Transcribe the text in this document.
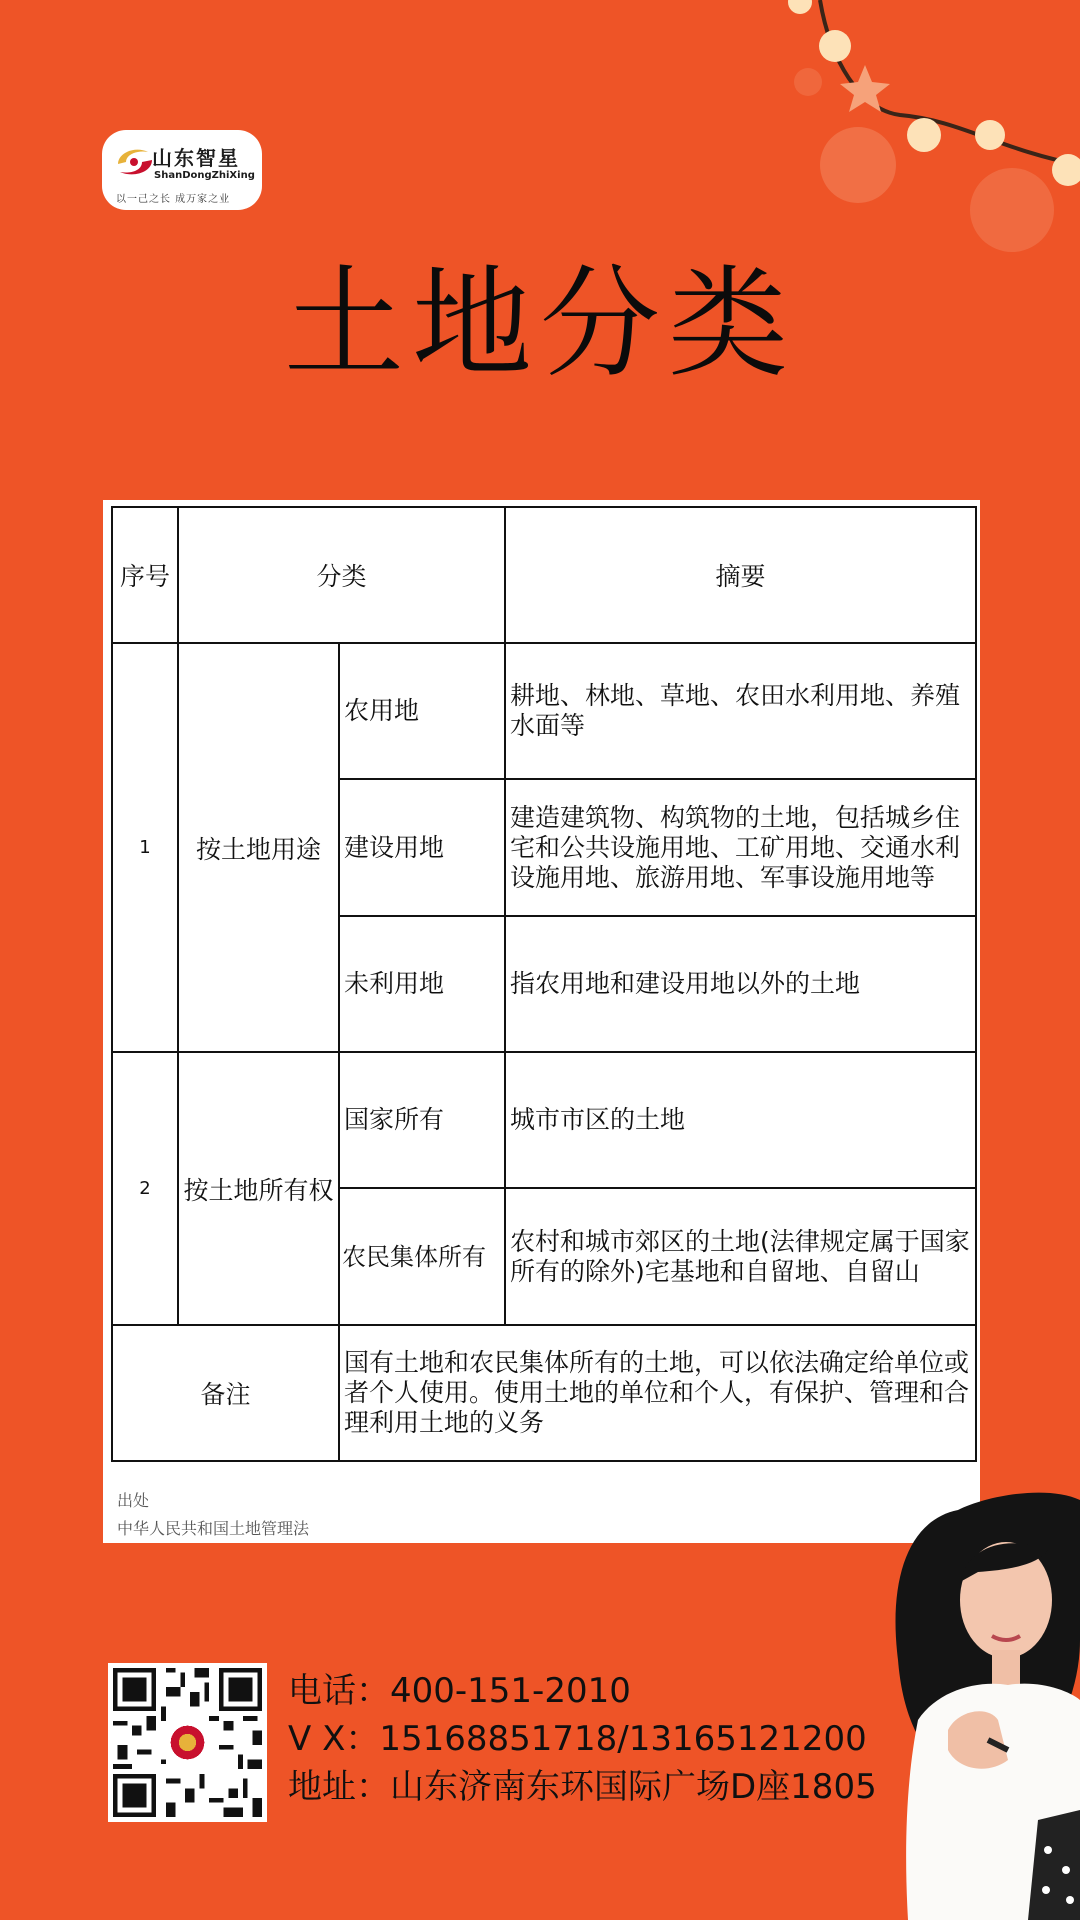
山东智星
ShanDongZhiXing
以一己之长 成万家之业
土地分类
序号	分类		摘要
1	按土地用途	农用地	耕地、林地、草地、农田水利用地、养殖水面等
		建设用地	建造建筑物、构筑物的土地，包括城乡住宅和公共设施用地、工矿用地、交通水利设施用地、旅游用地、军事设施用地等
		未利用地	指农用地和建设用地以外的土地
2	按土地所有权	国家所有	城市市区的土地
		农民集体所有	农村和城市郊区的土地(法律规定属于国家所有的除外)宅基地和自留地、自留山
备注		国有土地和农民集体所有的土地，可以依法确定给单位或者个人使用。使用土地的单位和个人，有保护、管理和合理利用土地的义务	
出处
中华人民共和国土地管理法
电话：400-151-2010
V X：15168851718/13165121200
地址：山东济南东环国际广场D座1805
